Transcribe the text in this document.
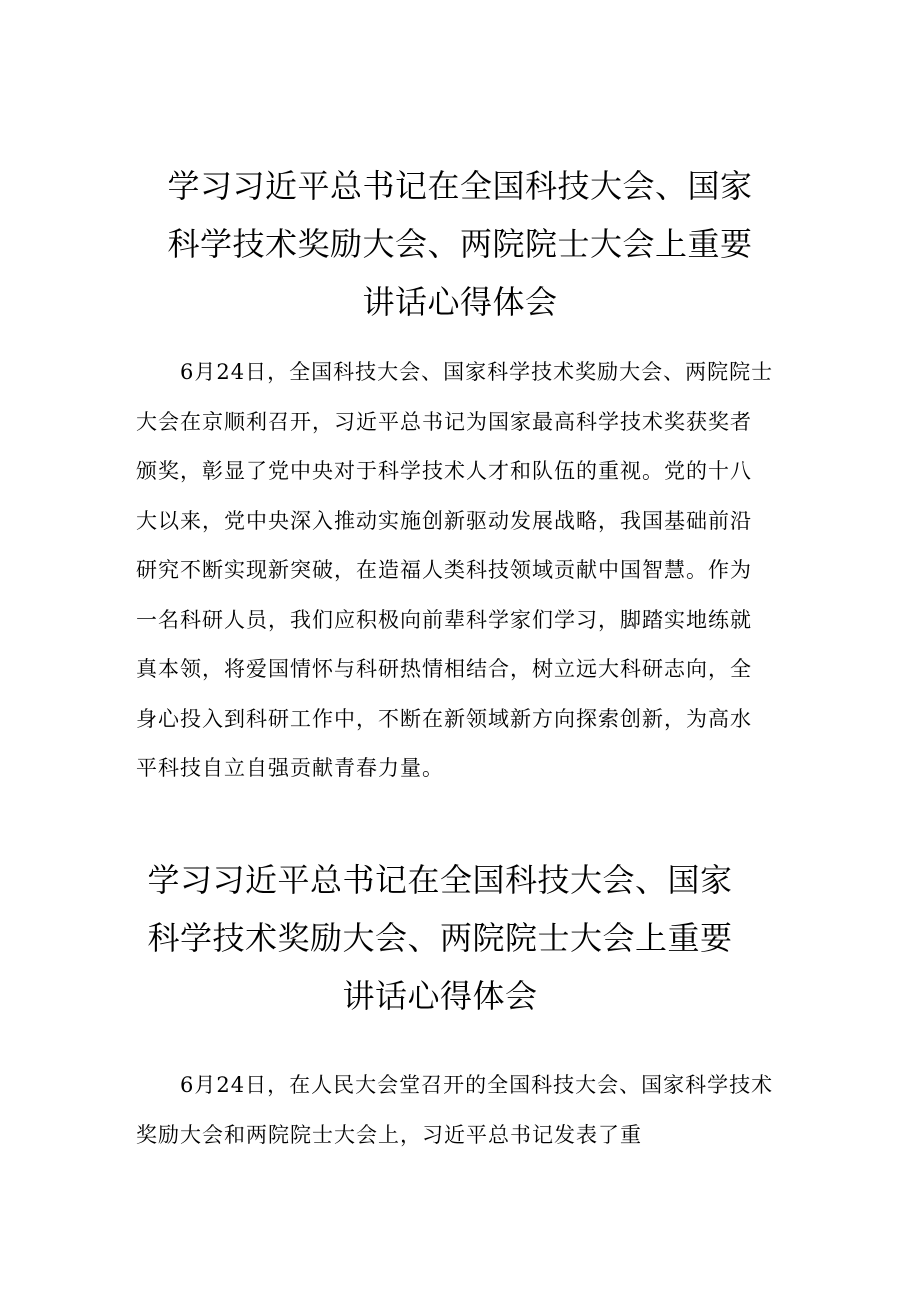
学习习近平总书记在全国科技大会、国家
科学技术奖励大会、两院院士大会上重要
讲话心得体会
6月24日，全国科技大会、国家科学技术奖励大会、两院院士
大会在京顺利召开，习近平总书记为国家最高科学技术奖获奖者
颁奖，彰显了党中央对于科学技术人才和队伍的重视。党的十八
大以来，党中央深入推动实施创新驱动发展战略，我国基础前沿
研究不断实现新突破，在造福人类科技领域贡献中国智慧。作为
一名科研人员，我们应积极向前辈科学家们学习，脚踏实地练就
真本领，将爱国情怀与科研热情相结合，树立远大科研志向，全
身心投入到科研工作中，不断在新领域新方向探索创新，为高水
平科技自立自强贡献青春力量。
学习习近平总书记在全国科技大会、国家
科学技术奖励大会、两院院士大会上重要
讲话心得体会
6月24日，在人民大会堂召开的全国科技大会、国家科学技术
奖励大会和两院院士大会上，习近平总书记发表了重
